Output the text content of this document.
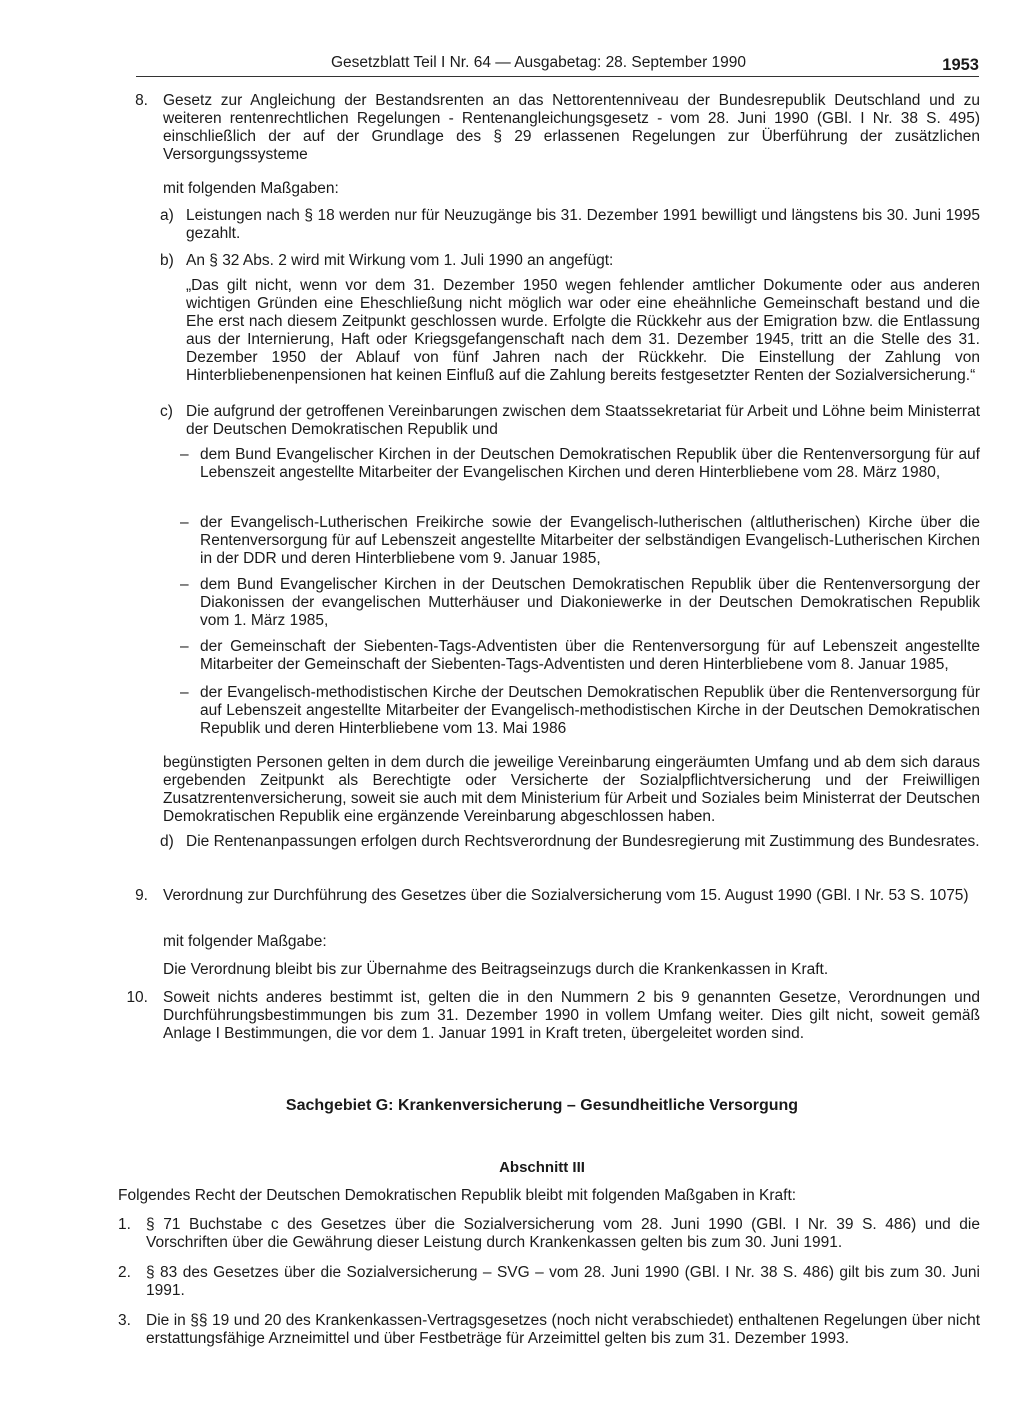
Gesetzblatt Teil I Nr. 64 — Ausgabetag: 28. September 1990	1953
8. Gesetz zur Angleichung der Bestandsrenten an das Nettorentenniveau der Bundesrepublik Deutschland und zu weiteren rentenrechtlichen Regelungen - Rentenangleichungsgesetz - vom 28. Juni 1990 (GBl. I Nr. 38 S. 495) einschließlich der auf der Grundlage des § 29 erlassenen Regelungen zur Überführung der zusätzlichen Versorgungssysteme
mit folgenden Maßgaben:
a) Leistungen nach § 18 werden nur für Neuzugänge bis 31. Dezember 1991 bewilligt und längstens bis 30. Juni 1995 gezahlt.
b) An § 32 Abs. 2 wird mit Wirkung vom 1. Juli 1990 an angefügt:
„Das gilt nicht, wenn vor dem 31. Dezember 1950 wegen fehlender amtlicher Dokumente oder aus anderen wichtigen Gründen eine Eheschließung nicht möglich war oder eine eheähnliche Gemeinschaft bestand und die Ehe erst nach diesem Zeitpunkt geschlossen wurde. Erfolgte die Rückkehr aus der Emigration bzw. die Entlassung aus der Internierung, Haft oder Kriegsgefangenschaft nach dem 31. Dezember 1945, tritt an die Stelle des 31. Dezember 1950 der Ablauf von fünf Jahren nach der Rückkehr. Die Einstellung der Zahlung von Hinterbliebenenpensionen hat keinen Einfluß auf die Zahlung bereits festgesetzter Renten der Sozialversicherung.“
c) Die aufgrund der getroffenen Vereinbarungen zwischen dem Staatssekretariat für Arbeit und Löhne beim Ministerrat der Deutschen Demokratischen Republik und
– dem Bund Evangelischer Kirchen in der Deutschen Demokratischen Republik über die Rentenversorgung für auf Lebenszeit angestellte Mitarbeiter der Evangelischen Kirchen und deren Hinterbliebene vom 28. März 1980,
– der Evangelisch-Lutherischen Freikirche sowie der Evangelisch-lutherischen (altlutherischen) Kirche über die Rentenversorgung für auf Lebenszeit angestellte Mitarbeiter der selbständigen Evangelisch-Lutherischen Kirchen in der DDR und deren Hinterbliebene vom 9. Januar 1985,
– dem Bund Evangelischer Kirchen in der Deutschen Demokratischen Republik über die Rentenversorgung der Diakonissen der evangelischen Mutterhäuser und Diakoniewerke in der Deutschen Demokratischen Republik vom 1. März 1985,
– der Gemeinschaft der Siebenten-Tags-Adventisten über die Rentenversorgung für auf Lebenszeit angestellte Mitarbeiter der Gemeinschaft der Siebenten-Tags-Adventisten und deren Hinterbliebene vom 8. Januar 1985,
– der Evangelisch-methodistischen Kirche der Deutschen Demokratischen Republik über die Rentenversorgung für auf Lebenszeit angestellte Mitarbeiter der Evangelisch-methodistischen Kirche in der Deutschen Demokratischen Republik und deren Hinterbliebene vom 13. Mai 1986
begünstigten Personen gelten in dem durch die jeweilige Vereinbarung eingeräumten Umfang und ab dem sich daraus ergebenden Zeitpunkt als Berechtigte oder Versicherte der Sozialpflichtversicherung und der Freiwilligen Zusatzrentenversicherung, soweit sie auch mit dem Ministerium für Arbeit und Soziales beim Ministerrat der Deutschen Demokratischen Republik eine ergänzende Vereinbarung abgeschlossen haben.
d) Die Rentenanpassungen erfolgen durch Rechtsverordnung der Bundesregierung mit Zustimmung des Bundesrates.
9. Verordnung zur Durchführung des Gesetzes über die Sozialversicherung vom 15. August 1990 (GBl. I Nr. 53 S. 1075)
mit folgender Maßgabe:
Die Verordnung bleibt bis zur Übernahme des Beitragseinzugs durch die Krankenkassen in Kraft.
10. Soweit nichts anderes bestimmt ist, gelten die in den Nummern 2 bis 9 genannten Gesetze, Verordnungen und Durchführungsbestimmungen bis zum 31. Dezember 1990 in vollem Umfang weiter. Dies gilt nicht, soweit gemäß Anlage I Bestimmungen, die vor dem 1. Januar 1991 in Kraft treten, übergeleitet worden sind.
Sachgebiet G: Krankenversicherung – Gesundheitliche Versorgung
Abschnitt III
Folgendes Recht der Deutschen Demokratischen Republik bleibt mit folgenden Maßgaben in Kraft:
1. § 71 Buchstabe c des Gesetzes über die Sozialversicherung vom 28. Juni 1990 (GBl. I Nr. 39 S. 486) und die Vorschriften über die Gewährung dieser Leistung durch Krankenkassen gelten bis zum 30. Juni 1991.
2. § 83 des Gesetzes über die Sozialversicherung – SVG – vom 28. Juni 1990 (GBl. I Nr. 38 S. 486) gilt bis zum 30. Juni 1991.
3. Die in §§ 19 und 20 des Krankenkassen-Vertragsgesetzes (noch nicht verabschiedet) enthaltenen Regelungen über nicht erstattungsfähige Arzneimittel und über Festbeträge für Arzeimittel gelten bis zum 31. Dezember 1993.
